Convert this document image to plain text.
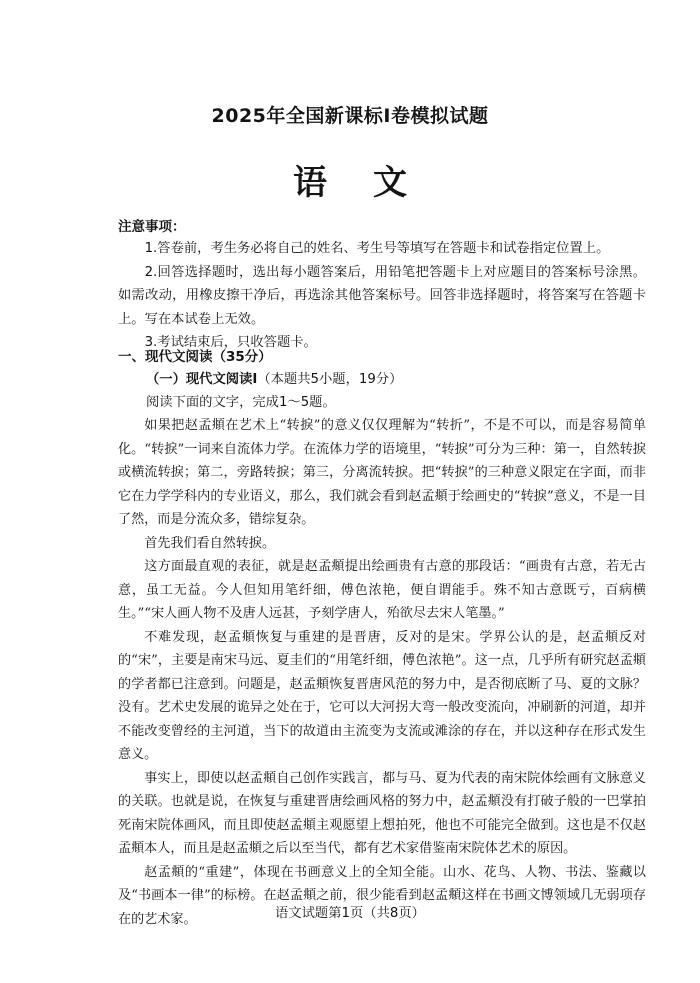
2025年全国新课标Ⅰ卷模拟试题
语文
注意事项：

1.答卷前，考生务必将自己的姓名、考生号等填写在答题卡和试卷指定位置上。

2.回答选择题时，选出每小题答案后，用铅笔把答题卡上对应题目的答案标号涂黑。如需改动，用橡皮擦干净后，再选涂其他答案标号。回答非选择题时，将答案写在答题卡上。写在本试卷上无效。

3.考试结束后，只收答题卡。

一、现代文阅读（35分）
（一）现代文阅读Ⅰ（本题共5小题，19分）
阅读下面的文字，完成1～5题。

如果把赵孟頫在艺术上“转捩”的意义仅仅理解为“转折”，不是不可以，而是容易简单化。“转捩”一词来自流体力学。在流体力学的语境里，“转捩”可分为三种：第一，自然转捩或横流转捩；第二，旁路转捩；第三，分离流转捩。把“转捩”的三种意义限定在字面，而非它在力学学科内的专业语义，那么，我们就会看到赵孟頫于绘画史的“转捩”意义，不是一目了然，而是分流众多，错综复杂。

首先我们看自然转捩。

这方面最直观的表征，就是赵孟頫提出绘画贵有古意的那段话：“画贵有古意，若无古意，虽工无益。今人但知用笔纤细，傅色浓艳，便自谓能手。殊不知古意既亏，百病横生。”“宋人画人物不及唐人远甚，予刻学唐人，殆欲尽去宋人笔墨。”

不难发现，赵孟頫恢复与重建的是晋唐，反对的是宋。学界公认的是，赵孟頫反对的“宋”，主要是南宋马远、夏圭们的“用笔纤细，傅色浓艳”。这一点，几乎所有研究赵孟頫的学者都已注意到。问题是，赵孟頫恢复晋唐风范的努力中，是否彻底断了马、夏的文脉？没有。艺术史发展的诡异之处在于，它可以大河拐大弯一般改变流向，冲刷新的河道，却并不能改变曾经的主河道，当下的故道由主流变为支流或滩涂的存在，并以这种存在形式发生意义。

事实上，即使以赵孟頫自己创作实践言，都与马、夏为代表的南宋院体绘画有文脉意义的关联。也就是说，在恢复与重建晋唐绘画风格的努力中，赵孟頫没有打破子般的一巴掌拍死南宋院体画风，而且即使赵孟頫主观愿望上想拍死，他也不可能完全做到。这也是不仅赵孟頫本人，而且是赵孟頫之后以至当代，都有艺术家借鉴南宋院体艺术的原因。

赵孟頫的“重建”，体现在书画意义上的全知全能。山水、花鸟、人物、书法、鉴藏以及“书画本一律”的标榜。在赵孟頫之前，很少能看到赵孟頫这样在书画文博领域几无弱项存在的艺术家。	语文试题第1页（共8页）
